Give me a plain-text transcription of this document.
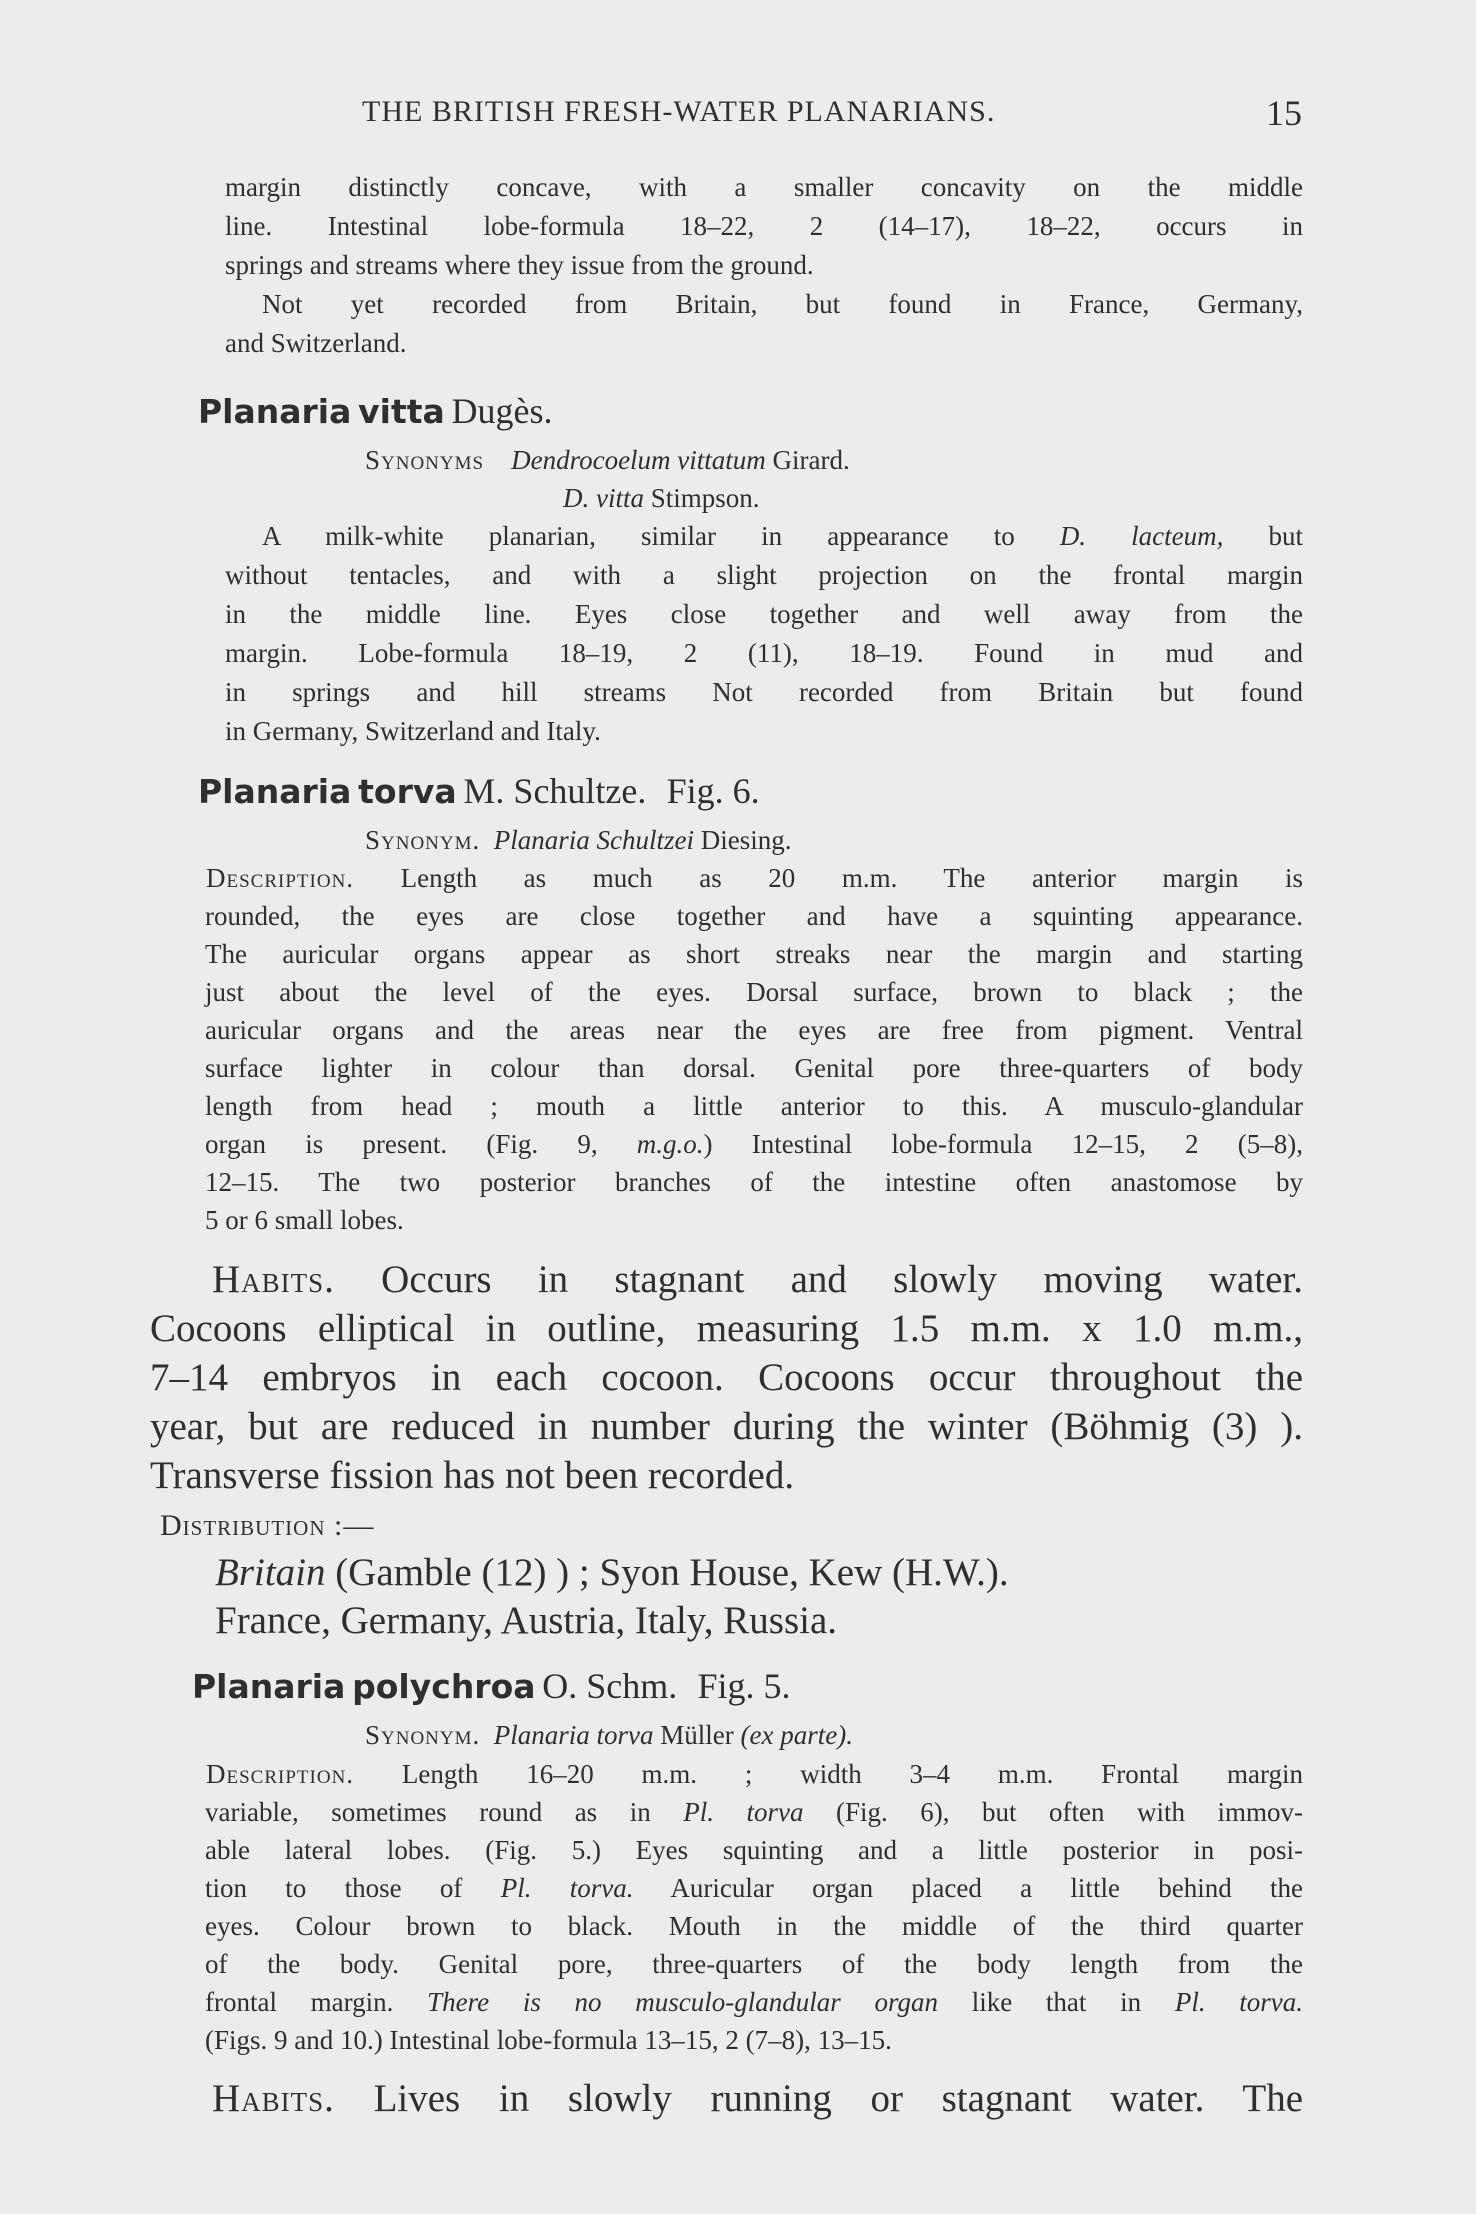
THE BRITISH FRESH-WATER PLANARIANS.	15

margin distinctly concave, with a smaller concavity on the middle

line. Intestinal lobe-formula 18–22, 2 (14–17), 18–22, occurs in

springs and streams where they issue from the ground.

Not yet recorded from Britain, but found in France, Germany,

and Switzerland.

Planaria vitta Dugès.
Synonyms Dendrocoelum vittatum Girard.
D. vitta Stimpson.

A milk-white planarian, similar in appearance to D. lacteum, but

without tentacles, and with a slight projection on the frontal margin

in the middle line. Eyes close together and well away from the

margin. Lobe-formula 18–19, 2 (11), 18–19. Found in mud and

in springs and hill streams Not recorded from Britain but found

in Germany, Switzerland and Italy.

Planaria torva M. Schultze. Fig. 6.
Synonym. Planaria Schultzei Diesing.

Description. Length as much as 20 m.m. The anterior margin is

rounded, the eyes are close together and have a squinting appearance.

The auricular organs appear as short streaks near the margin and starting

just about the level of the eyes. Dorsal surface, brown to black ; the

auricular organs and the areas near the eyes are free from pigment. Ventral

surface lighter in colour than dorsal. Genital pore three-quarters of body

length from head ; mouth a little anterior to this. A musculo-glandular

organ is present. (Fig. 9, m.g.o.) Intestinal lobe-formula 12–15, 2 (5–8),

12–15. The two posterior branches of the intestine often anastomose by

5 or 6 small lobes.

Habits. Occurs in stagnant and slowly moving water.

Cocoons elliptical in outline, measuring 1.5 m.m. x 1.0 m.m.,

7–14 embryos in each cocoon. Cocoons occur throughout the

year, but are reduced in number during the winter (Böhmig (3) ).

Transverse fission has not been recorded.

Distribution :—

Britain (Gamble (12) ) ; Syon House, Kew (H.W.).

France, Germany, Austria, Italy, Russia.

Planaria polychroa O. Schm. Fig. 5.
Synonym. Planaria torva Müller (ex parte).

Description. Length 16–20 m.m. ; width 3–4 m.m. Frontal margin

variable, sometimes round as in Pl. torva (Fig. 6), but often with immov-

able lateral lobes. (Fig. 5.) Eyes squinting and a little posterior in posi-

tion to those of Pl. torva. Auricular organ placed a little behind the

eyes. Colour brown to black. Mouth in the middle of the third quarter

of the body. Genital pore, three-quarters of the body length from the

frontal margin. There is no musculo-glandular organ like that in Pl. torva.

(Figs. 9 and 10.) Intestinal lobe-formula 13–15, 2 (7–8), 13–15.

Habits. Lives in slowly running or stagnant water. The
